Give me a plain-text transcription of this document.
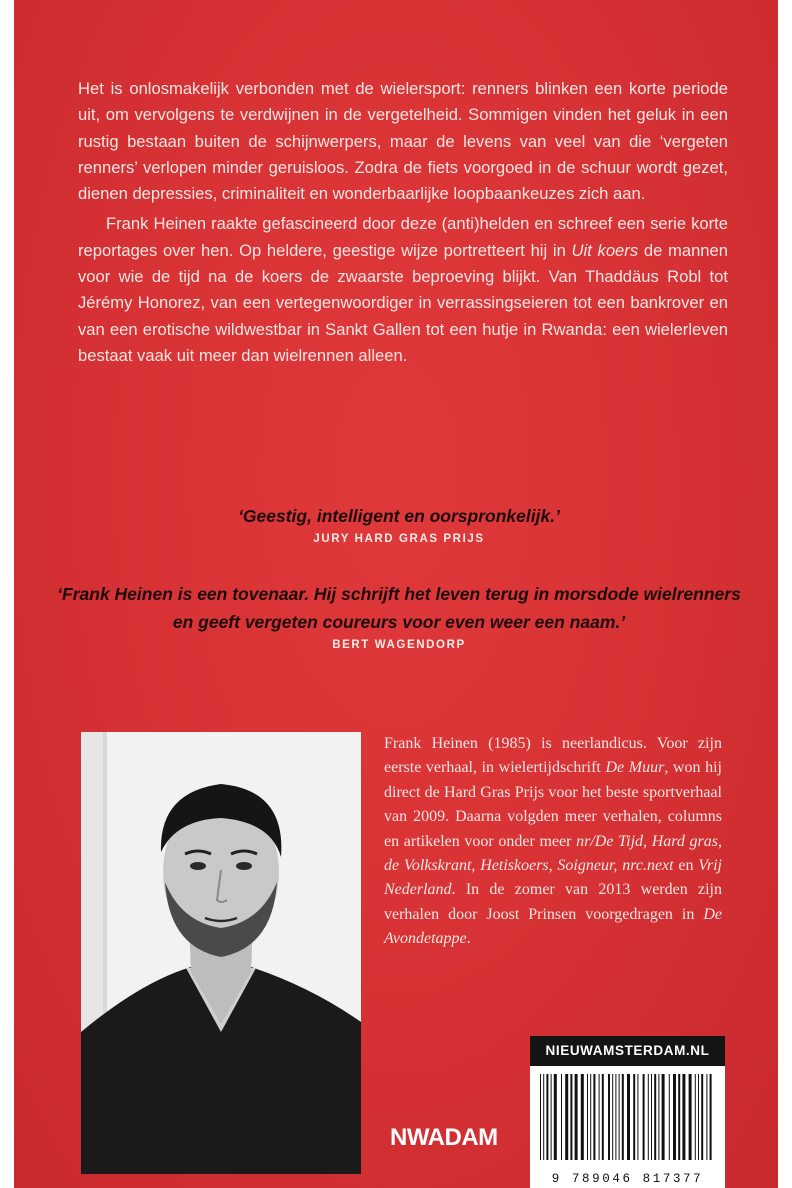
Het is onlosmakelijk verbonden met de wielersport: renners blinken een korte periode uit, om vervolgens te verdwijnen in de vergetelheid. Sommigen vinden het geluk in een rustig bestaan buiten de schijnwerpers, maar de levens van veel van die ‘vergeten renners’ verlopen minder geruisloos. Zodra de fiets voorgoed in de schuur wordt gezet, dienen depressies, criminaliteit en wonderbaarlijke loopbaankeuzes zich aan.

Frank Heinen raakte gefascineerd door deze (anti)helden en schreef een serie korte reportages over hen. Op heldere, geestige wijze portretteert hij in Uit koers de mannen voor wie de tijd na de koers de zwaarste beproeving blijkt. Van Thaddäus Robl tot Jérémy Honorez, van een vertegenwoordiger in verrassingseieren tot een bankrover en van een erotische wildwestbar in Sankt Gallen tot een hutje in Rwanda: een wielerleven bestaat vaak uit meer dan wielrennen alleen.

‘Geestig, intelligent en oorspronkelijk.’
JURY HARD GRAS PRIJS
‘Frank Heinen is een tovenaar. Hij schrijft het leven terug in morsdode wielrenners en geeft vergeten coureurs voor even weer een naam.’
BERT WAGENDORP
Frank Heinen (1985) is neerlandicus. Voor zijn eerste verhaal, in wielertijdschrift De Muur, won hij direct de Hard Gras Prijs voor het beste sportverhaal van 2009. Daarna volgden meer verhalen, columns en artikelen voor onder meer nr/De Tijd, Hard gras, de Volkskrant, Hetiskoers, Soigneur, nrc.next en Vrij Nederland. In de zomer van 2013 werden zijn verhalen door Joost Prinsen voorgedragen in De Avondetappe.
NWADAM
NIEUWAMSTERDAM.NL
9 789046 817377
